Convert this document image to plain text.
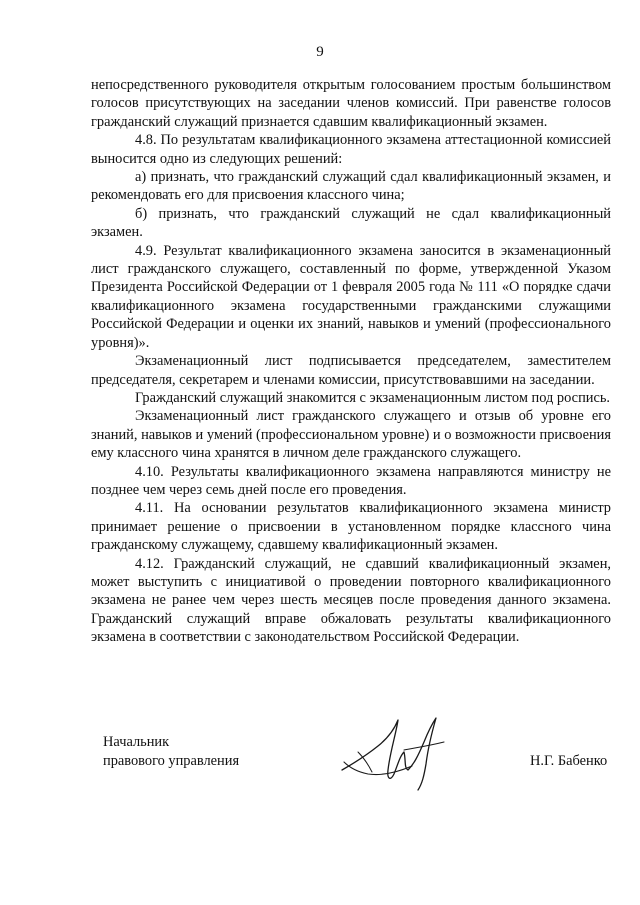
9

непосредственного руководителя открытым голосованием простым большинством голосов присутствующих на заседании членов комиссий. При равенстве голосов гражданский служащий признается сдавшим квалификационный экзамен.

4.8. По результатам квалификационного экзамена аттестационной комиссией выносится одно из следующих решений:

а) признать, что гражданский служащий сдал квалификационный экзамен, и рекомендовать его для присвоения классного чина;

б) признать, что гражданский служащий не сдал квалификационный экзамен.

4.9. Результат квалификационного экзамена заносится в экзаменационный лист гражданского служащего, составленный по форме, утвержденной Указом Президента Российской Федерации от 1 февраля 2005 года № 111 «О порядке сдачи квалификационного экзамена государственными гражданскими служащими Российской Федерации и оценки их знаний, навыков и умений (профессионального уровня)».

Экзаменационный лист подписывается председателем, заместителем председателя, секретарем и членами комиссии, присутствовавшими на заседании.

Гражданский служащий знакомится с экзаменационным листом под роспись.

Экзаменационный лист гражданского служащего и отзыв об уровне его знаний, навыков и умений (профессиональном уровне) и о возможности присвоения ему классного чина хранятся в личном деле гражданского служащего.

4.10. Результаты квалификационного экзамена направляются министру не позднее чем через семь дней после его проведения.

4.11. На основании результатов квалификационного экзамена министр принимает решение о присвоении в установленном порядке классного чина гражданскому служащему, сдавшему квалификационный экзамен.

4.12. Гражданский служащий, не сдавший квалификационный экзамен, может выступить с инициативой о проведении повторного квалификационного экзамена не ранее чем через шесть месяцев после проведения данного экзамена. Гражданский служащий вправе обжаловать результаты квалификационного экзамена в соответствии с законодательством Российской Федерации.

Начальник
правового управления	Н.Г. Бабенко
